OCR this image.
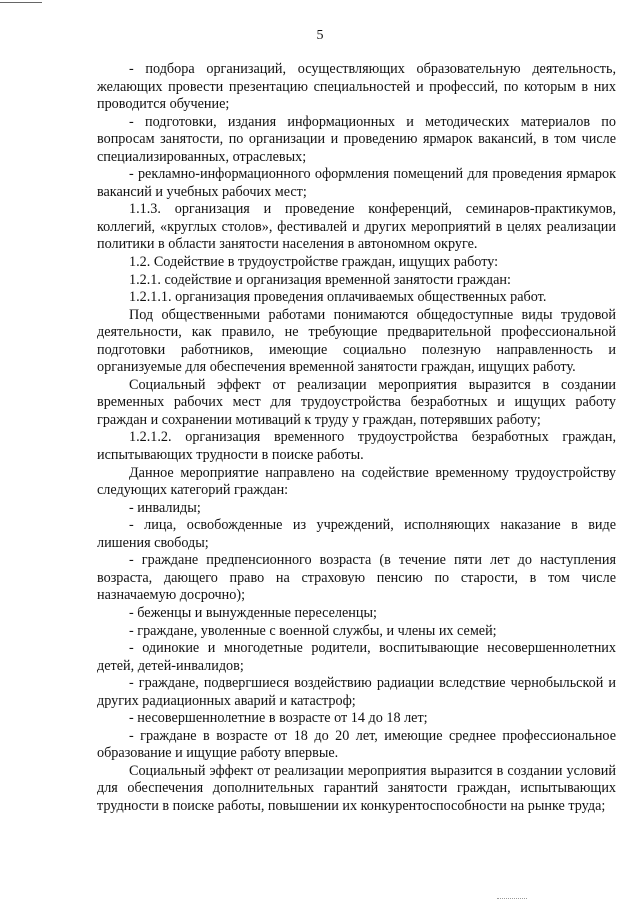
5

- подбора организаций, осуществляющих образовательную деятельность, желающих провести презентацию специальностей и профессий, по которым в них проводится обучение;

- подготовки, издания информационных и методических материалов по вопросам занятости, по организации и проведению ярмарок вакансий, в том числе специализированных, отраслевых;

- рекламно-информационного оформления помещений для проведения ярмарок вакансий и учебных рабочих мест;

1.1.3. организация и проведение конференций, семинаров-практикумов, коллегий, «круглых столов», фестивалей и других мероприятий в целях реализации политики в области занятости населения в автономном округе.

1.2. Содействие в трудоустройстве граждан, ищущих работу:

1.2.1. содействие и организация временной занятости граждан:

1.2.1.1. организация проведения оплачиваемых общественных работ.

Под общественными работами понимаются общедоступные виды трудовой деятельности, как правило, не требующие предварительной профессиональной подготовки работников, имеющие социально полезную направленность и организуемые для обеспечения временной занятости граждан, ищущих работу.

Социальный эффект от реализации мероприятия выразится в создании временных рабочих мест для трудоустройства безработных и ищущих работу граждан и сохранении мотиваций к труду у граждан, потерявших работу;

1.2.1.2. организация временного трудоустройства безработных граждан, испытывающих трудности в поиске работы.

Данное мероприятие направлено на содействие временному трудоустройству следующих категорий граждан:

- инвалиды;

- лица, освобожденные из учреждений, исполняющих наказание в виде лишения свободы;

- граждане предпенсионного возраста (в течение пяти лет до наступления возраста, дающего право на страховую пенсию по старости, в том числе назначаемую досрочно);

- беженцы и вынужденные переселенцы;

- граждане, уволенные с военной службы, и члены их семей;

- одинокие и многодетные родители, воспитывающие несовершеннолетних детей, детей-инвалидов;

- граждане, подвергшиеся воздействию радиации вследствие чернобыльской и других радиационных аварий и катастроф;

- несовершеннолетние в возрасте от 14 до 18 лет;

- граждане в возрасте от 18 до 20 лет, имеющие среднее профессиональное образование и ищущие работу впервые.

Социальный эффект от реализации мероприятия выразится в создании условий для обеспечения дополнительных гарантий занятости граждан, испытывающих трудности в поиске работы, повышении их конкурентоспособности на рынке труда;
